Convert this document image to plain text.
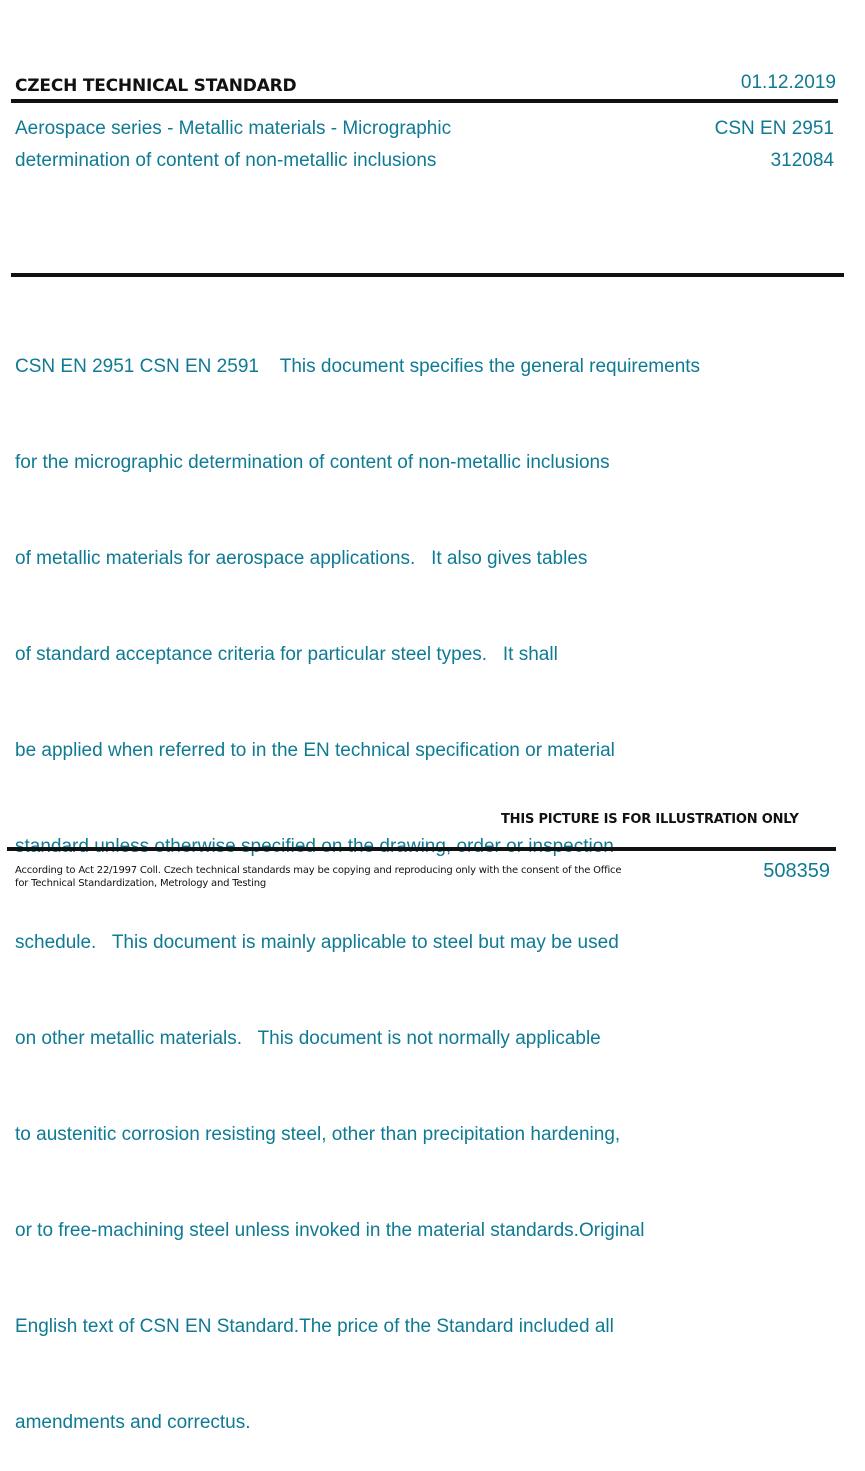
CZECH TECHNICAL STANDARD	01.12.2019
Aerospace series - Metallic materials - Micrographic
determination of content of non-metallic inclusions
CSN EN 2951
312084

CSN EN 2951 CSN EN 2591    This document specifies the general requirements

for the micrographic determination of content of non-metallic inclusions

of metallic materials for aerospace applications.   It also gives tables

of standard acceptance criteria for particular steel types.   It shall

be applied when referred to in the EN technical specification or material

schedule.   This document is mainly applicable to steel but may be used

on other metallic materials.   This document is not normally applicable

to austenitic corrosion resisting steel, other than precipitation hardening,

or to free-machining steel unless invoked in the material standards.Original

English text of CSN EN Standard.The price of the Standard included all

amendments and correctus.

THIS PICTURE IS FOR ILLUSTRATION ONLY
According to Act 22/1997 Coll. Czech technical standards may be copying and reproducing only with the consent of the Office
for Technical Standardization, Metrology and Testing
508359
